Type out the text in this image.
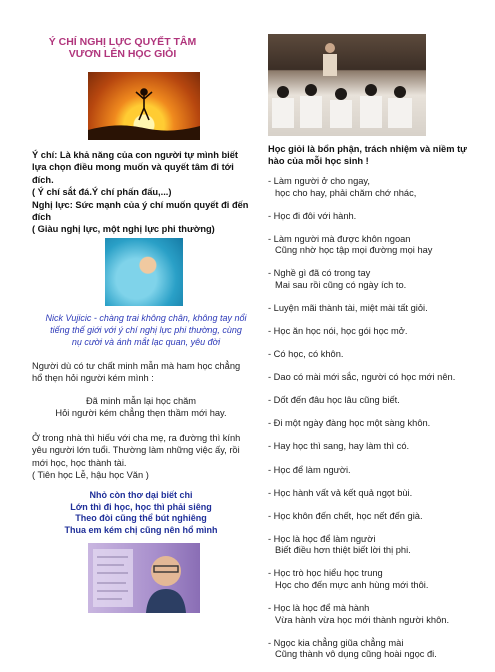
Ý CHÍ NGHỊ LỰC QUYẾT TÂM
VƯƠN LÊN HỌC GIỎI
Ý chí: Là khả năng của con người tự mình biết lựa chọn điều mong muốn và quyết tâm đi tới đích.
( Ý chí sắt đá.Ý chí phấn đấu,...)
Nghị lực: Sức mạnh của ý chí muốn quyết đi đến đích
( Giàu nghị lực, một nghị lực phi thường)
Nick Vujicic - chàng trai không chân, không tay nổi tiếng thế giới với ý chí nghị lực phi thường, cùng nụ cười và ánh mắt lạc quan, yêu đời
Người dù có tư chất minh mẫn mà ham học chẳng hổ thẹn hỏi người kém mình :
Đã minh mẫn lại học chăm
Hỏi người kém chẳng thẹn thầm mới hay.
Ở trong nhà thì hiếu với cha mẹ, ra đường thì kính yêu người lớn tuổi. Thường làm những việc ấy, rồi mới học, học thành tài.
( Tiên học Lễ, hậu học Văn )
Nhỏ còn thơ dại biết chi
Lớn thì đi học, học thì phải siêng
Theo đòi cũng thể bút nghiêng
Thua em kém chị cũng nên hổ mình
Học giỏi là bổn phận, trách nhiệm và niềm tự hào của mỗi học sinh !
- Làm người ở cho ngay,
học cho hay, phải chăm chớ nhác,
- Học đi đôi với hành.
- Làm người mà được khôn ngoan
Cũng nhờ học tập mọi đường mọi hay
- Nghề gì đã có trong tay
Mai sau rồi cũng có ngày ích to.
- Luyện mãi thành tài, miệt mài tất giỏi.
- Học ăn học nói, học gói học mở.
- Có học, có khôn.
- Dao có mài mới sắc, người có học mới nên.
- Dốt đến đâu học lâu cũng biết.
- Đi một ngày đàng học một sàng khôn.
- Hay học thì sang, hay làm thì có.
- Học để làm người.
- Học hành vất vả kết quả ngọt bùi.
- Học khôn đến chết, học nết đến già.
- Học là học để làm người
Biết điều hơn thiệt biết lời thị phi.
- Học trò học hiểu học trung
Học cho đến mực anh hùng mới thôi.
- Học là học để mà hành
Vừa hành vừa học mới thành người khôn.
- Ngọc kia chẳng giũa chẳng mài
Cũng thành vô dụng cũng hoài ngọc đi.
